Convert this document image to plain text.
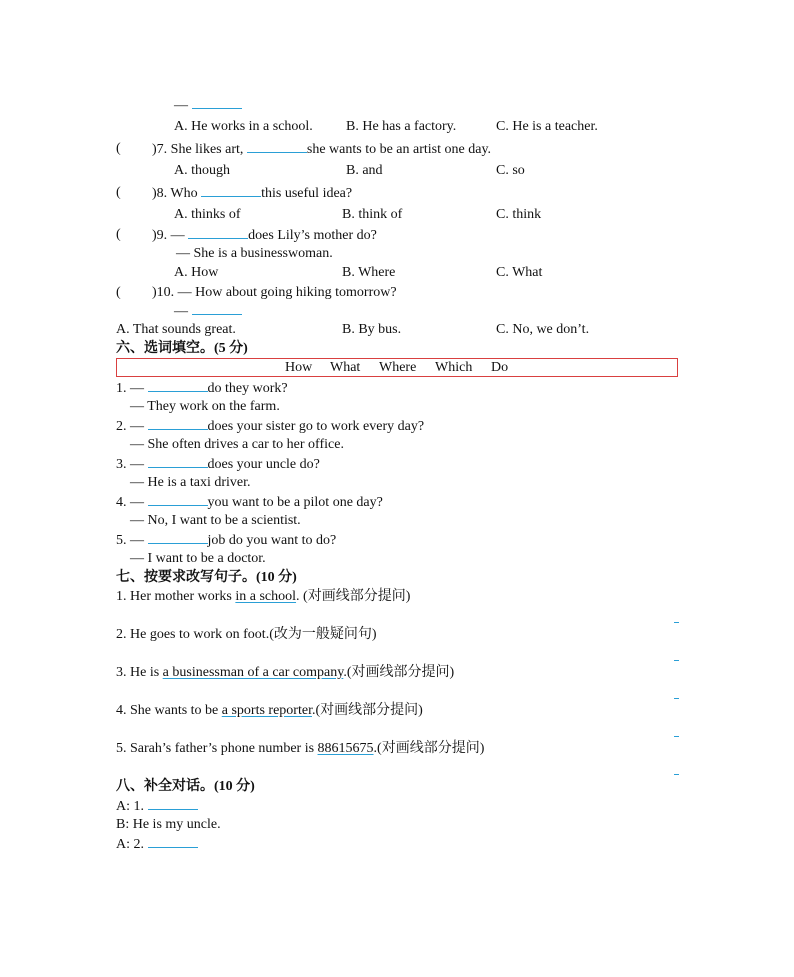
—
A. He works in a school. B. He has a factory.	C. He is a teacher.
( )7. She likes art,	she wants to be an artist one day.
A. though	B. and	C. so
( )8. Who	this useful idea?
A. thinks of	B. think of	C. think
( )9. —	does Lily’s mother do?
— She is a businesswoman.
A. How	B. Where	C. What
( )10. — How about going hiking tomorrow?
—
A. That sounds great.	B. By bus.	C. No, we don’t.
六、选词填空。(5 分)
How What Where Which Do
1. —	do they work?
— They work on the farm.
2. —	does your sister go to work every day?
— She often drives a car to her office.
3. —	does your uncle do?
— He is a taxi driver.
4. —	you want to be a pilot one day?
— No, I want to be a scientist.
5. —	job do you want to do?
— I want to be a doctor.
七、按要求改写句子。(10 分)
1. Her mother works in a school. (对画线部分提问)
2. He goes to work on foot.(改为一般疑问句)
3. He is a businessman of a car company.(对画线部分提问)
4. She wants to be a sports reporter.(对画线部分提问)
5. Sarah’s father’s phone number is 88615675.(对画线部分提问)
八、补全对话。(10 分)
A: 1.
B: He is my uncle.
A: 2.
